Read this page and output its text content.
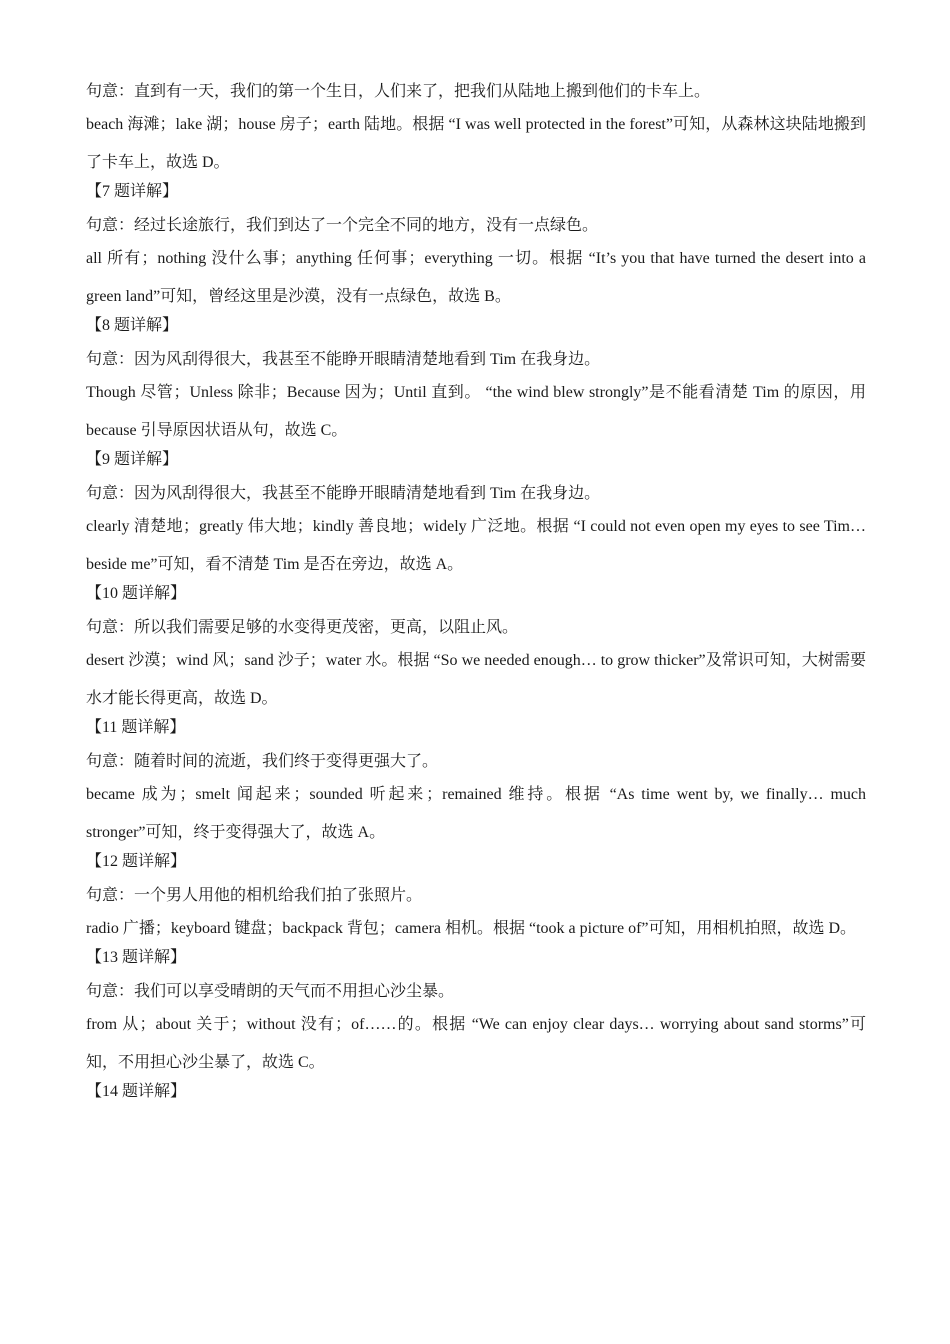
句意：直到有一天，我们的第一个生日，人们来了，把我们从陆地上搬到他们的卡车上。
beach 海滩；lake 湖；house 房子；earth 陆地。根据 “I was well protected in the forest”可知，从森林这块陆地搬到了卡车上，故选 D。
【7 题详解】
句意：经过长途旅行，我们到达了一个完全不同的地方，没有一点绿色。
all 所有；nothing 没什么事；anything 任何事；everything 一切。根据 “It’s you that have turned the desert into a green land”可知，曾经这里是沙漠，没有一点绿色，故选 B。
【8 题详解】
句意：因为风刮得很大，我甚至不能睁开眼睛清楚地看到 Tim 在我身边。
Though 尽管；Unless 除非；Because 因为；Until 直到。 “the wind blew strongly”是不能看清楚 Tim 的原因，用 because 引导原因状语从句，故选 C。
【9 题详解】
句意：因为风刮得很大，我甚至不能睁开眼睛清楚地看到 Tim 在我身边。
clearly 清楚地；greatly 伟大地；kindly 善良地；widely 广泛地。根据 “I could not even open my eyes to see Tim… beside me”可知，看不清楚 Tim 是否在旁边，故选 A。
【10 题详解】
句意：所以我们需要足够的水变得更茂密，更高，以阻止风。
desert 沙漠；wind 风；sand 沙子；water 水。根据 “So we needed enough… to grow thicker”及常识可知，大树需要水才能长得更高，故选 D。
【11 题详解】
句意：随着时间的流逝，我们终于变得更强大了。
became 成为；smelt 闻起来；sounded 听起来；remained 维持。根据 “As time went by, we finally… much stronger”可知，终于变得强大了，故选 A。
【12 题详解】
句意：一个男人用他的相机给我们拍了张照片。
radio 广播；keyboard 键盘；backpack 背包；camera 相机。根据 “took a picture of”可知，用相机拍照，故选 D。
【13 题详解】
句意：我们可以享受晴朗的天气而不用担心沙尘暴。
from 从；about 关于；without 没有；of……的。根据 “We can enjoy clear days… worrying about sand storms”可知，不用担心沙尘暴了，故选 C。
【14 题详解】
